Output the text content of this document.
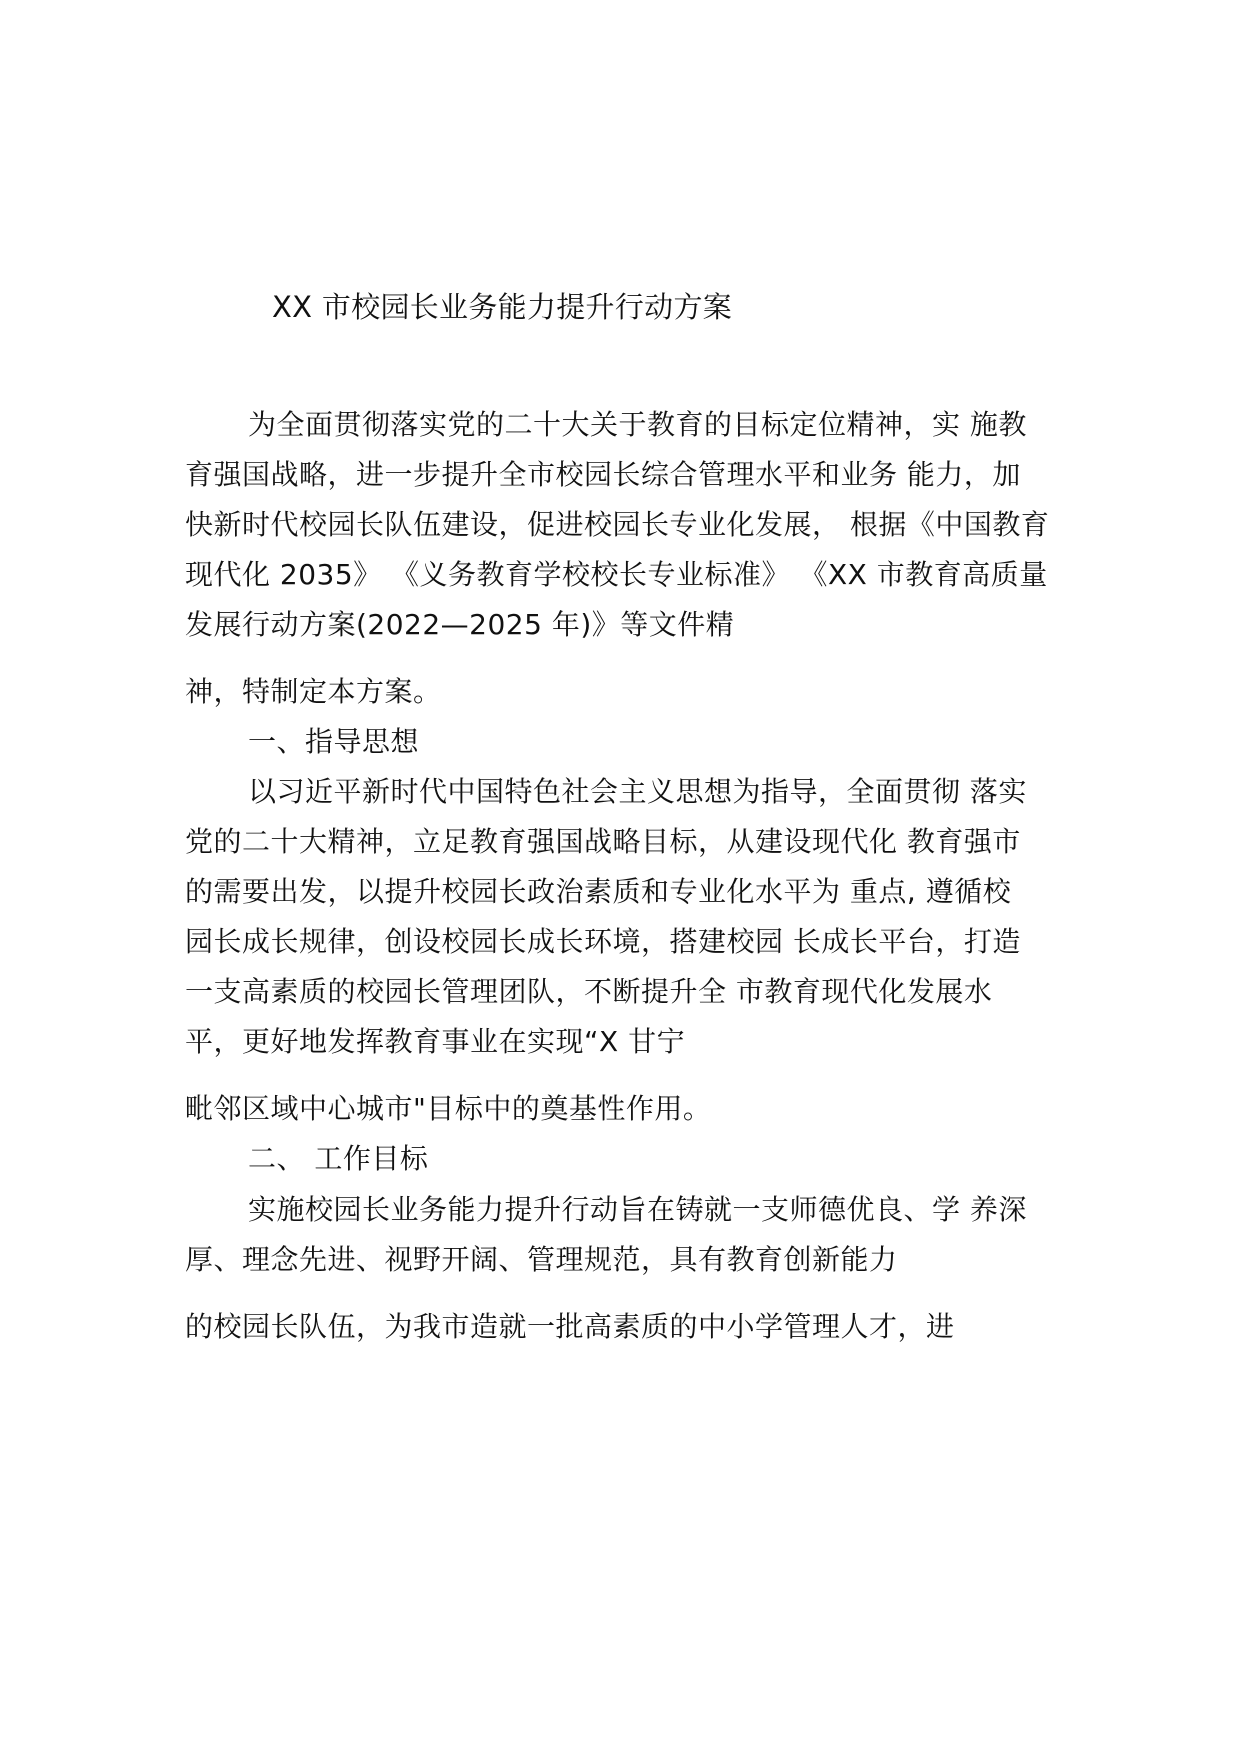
XX 市校园长业务能力提升行动方案
为全面贯彻落实党的二十大关于教育的目标定位精神，实 施教
育强国战略，进一步提升全市校园长综合管理水平和业务 能力，加
快新时代校园长队伍建设，促进校园长专业化发展， 根据《中国教育
现代化 2035》 《义务教育学校校长专业标准》 《XX 市教育高质量
发展行动方案(2022—2025 年)》等文件精
神，特制定本方案。
一、指导思想
以习近平新时代中国特色社会主义思想为指导，全面贯彻 落实
党的二十大精神，立足教育强国战略目标，从建设现代化 教育强市
的需要出发，以提升校园长政治素质和专业化水平为 重点, 遵循校
园长成长规律，创设校园长成长环境，搭建校园 长成长平台，打造
一支高素质的校园长管理团队，不断提升全 市教育现代化发展水
平，更好地发挥教育事业在实现“X 甘宁
毗邻区域中心城市"目标中的奠基性作用。
二、 工作目标
实施校园长业务能力提升行动旨在铸就一支师德优良、学 养深
厚、理念先进、视野开阔、管理规范，具有教育创新能力
的校园长队伍，为我市造就一批高素质的中小学管理人才，进
